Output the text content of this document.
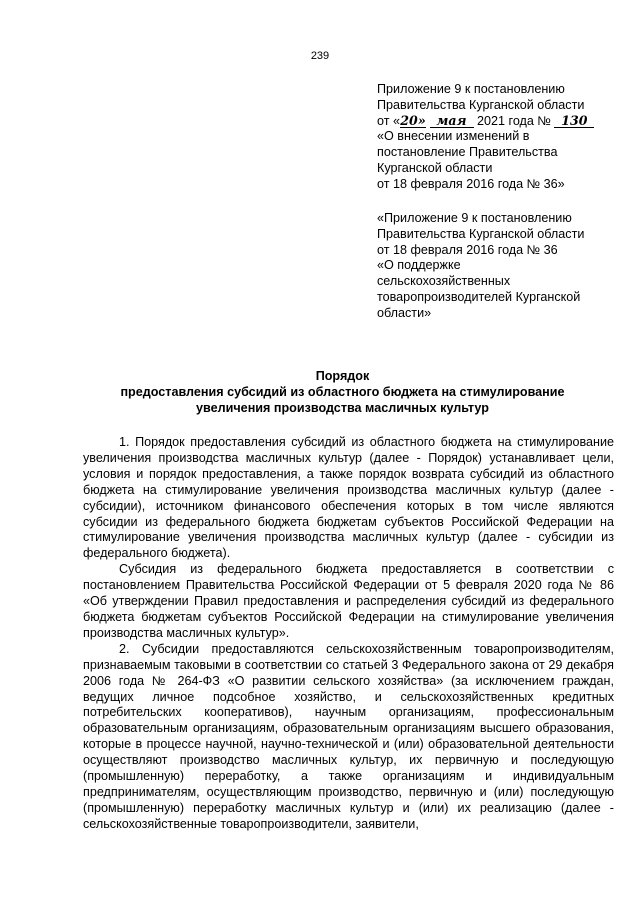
239
Приложение 9 к постановлению
Правительства Курганской области
от «20» мая 2021 года № 130
«О внесении изменений в
постановление Правительства
Курганской области
от 18 февраля 2016 года № 36»
«Приложение 9 к постановлению
Правительства Курганской области
от 18 февраля 2016 года № 36
«О поддержке
сельскохозяйственных
товаропроизводителей Курганской
области»
Порядок
предоставления субсидий из областного бюджета на стимулирование
увеличения производства масличных культур

1. Порядок предоставления субсидий из областного бюджета на стимулирование увеличения производства масличных культур (далее - Порядок) устанавливает цели, условия и порядок предоставления, а также порядок возврата субсидий из областного бюджета на стимулирование увеличения производства масличных культур (далее - субсидии), источником финансового обеспечения которых в том числе являются субсидии из федерального бюджета бюджетам субъектов Российской Федерации на стимулирование увеличения производства масличных культур (далее - субсидии из федерального бюджета).

Субсидия из федерального бюджета предоставляется в соответствии с постановлением Правительства Российской Федерации от 5 февраля 2020 года № 86 «Об утверждении Правил предоставления и распределения субсидий из федерального бюджета бюджетам субъектов Российской Федерации на стимулирование увеличения производства масличных культур».

2. Субсидии предоставляются сельскохозяйственным товаропроизводителям, признаваемым таковыми в соответствии со статьей 3 Федерального закона от 29 декабря 2006 года № 264-ФЗ «О развитии сельского хозяйства» (за исключением граждан, ведущих личное подсобное хозяйство, и сельскохозяйственных кредитных потребительских кооперативов), научным организациям, профессиональным образовательным организациям, образовательным организациям высшего образования, которые в процессе научной, научно-технической и (или) образовательной деятельности осуществляют производство масличных культур, их первичную и последующую (промышленную) переработку, а также организациям и индивидуальным предпринимателям, осуществляющим производство, первичную и (или) последующую (промышленную) переработку масличных культур и (или) их реализацию (далее - сельскохозяйственные товаропроизводители, заявители,
